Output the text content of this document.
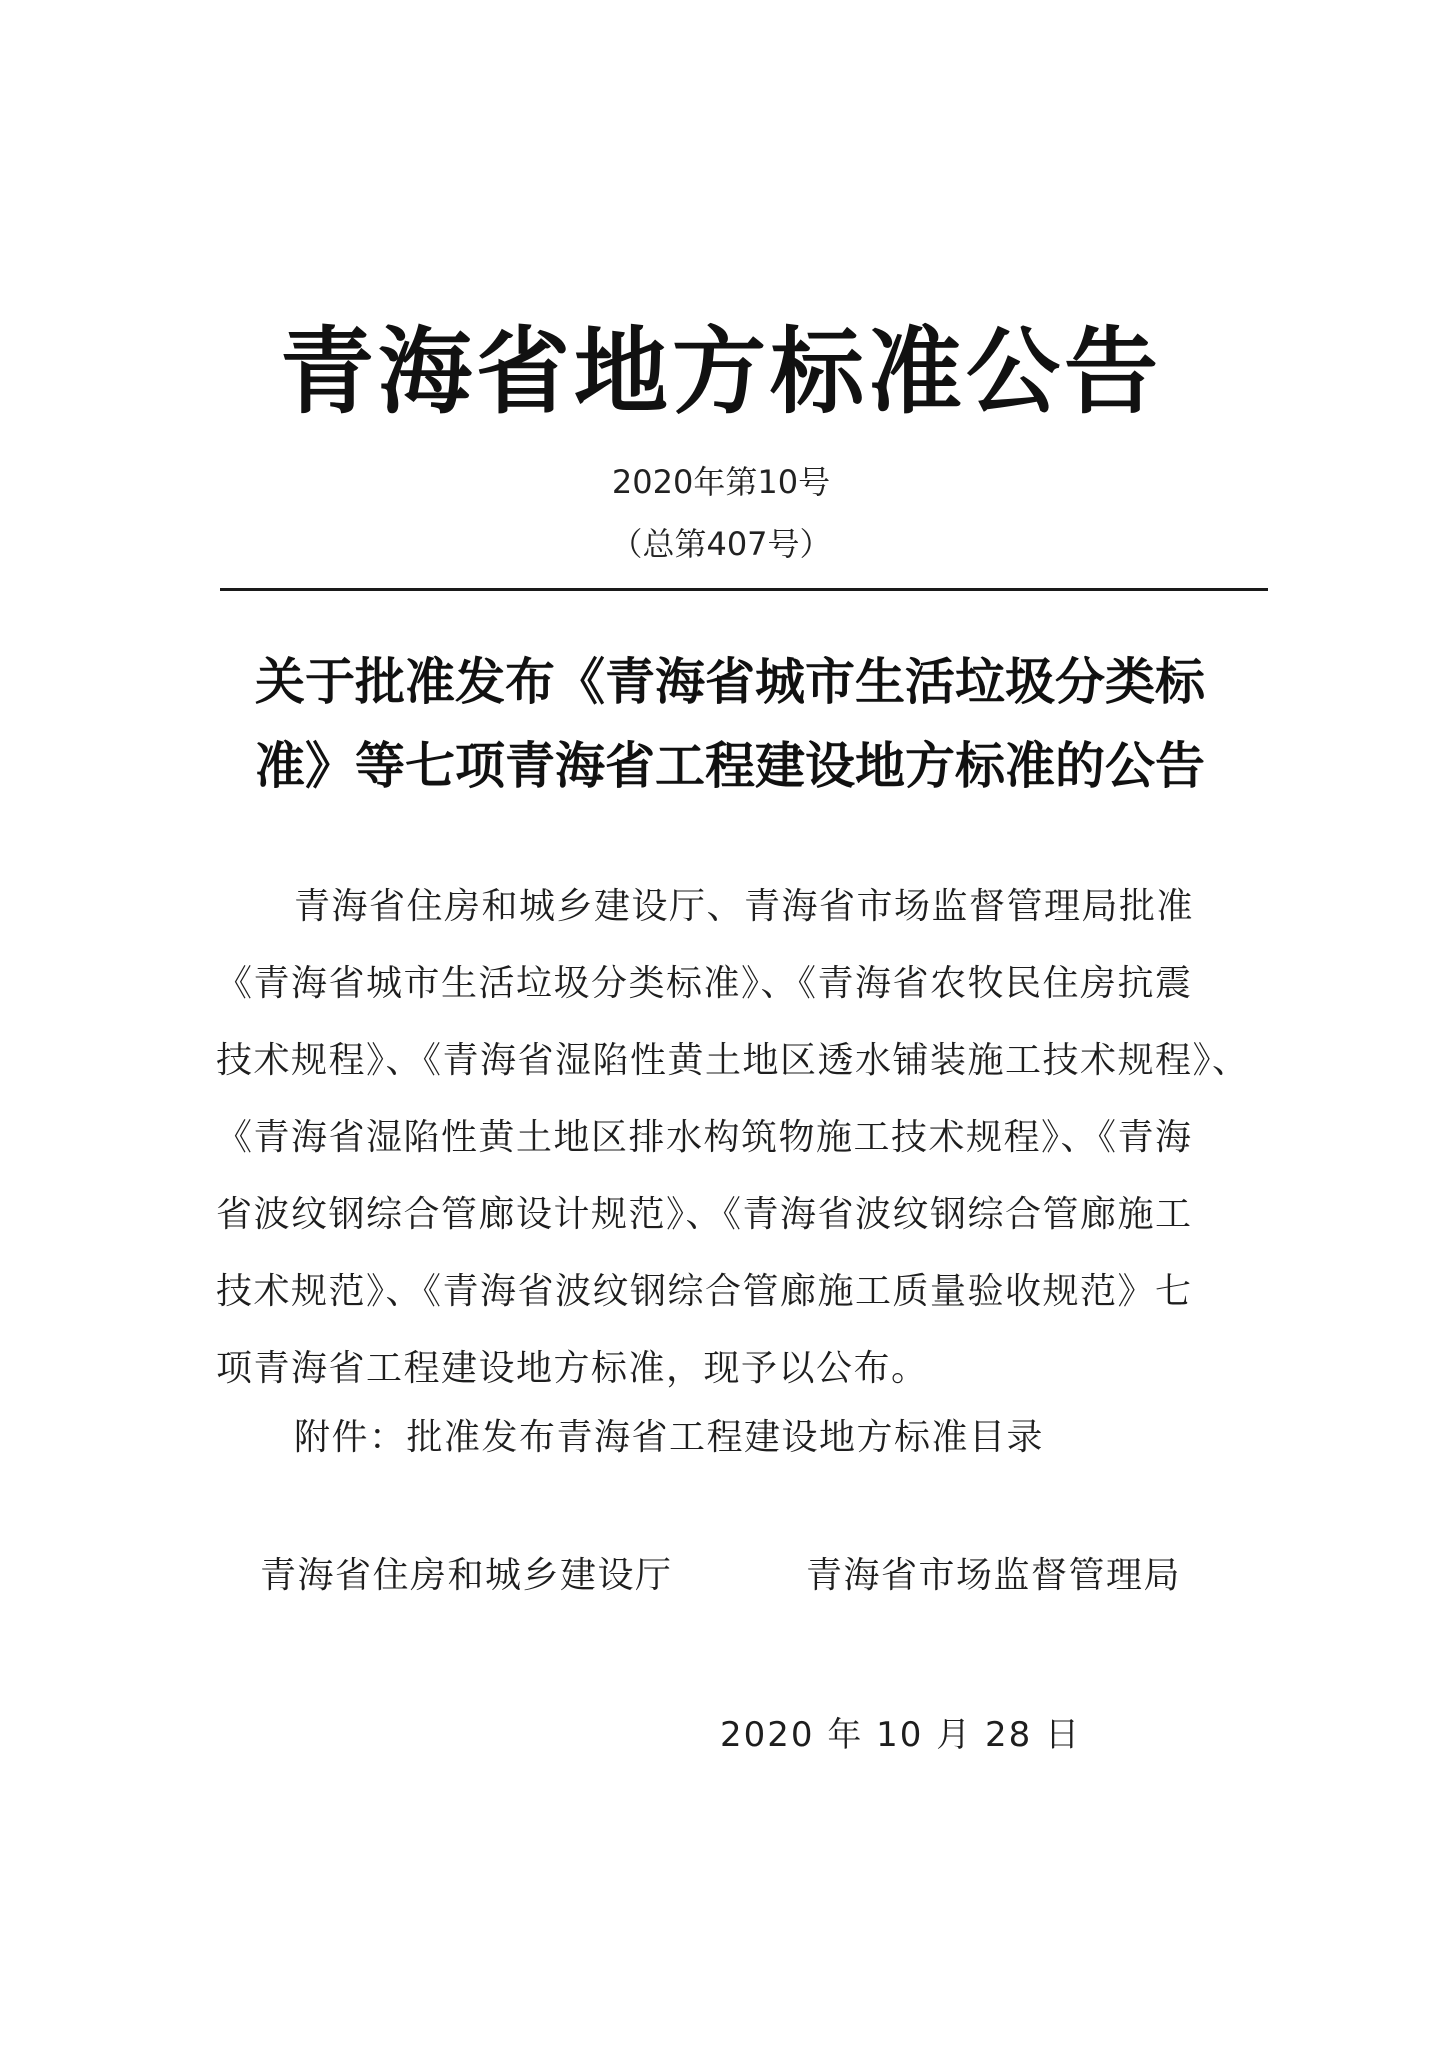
青海省地方标准公告
2020年第10号
（总第407号）
关于批准发布《青海省城市生活垃圾分类标
准》等七项青海省工程建设地方标准的公告
青海省住房和城乡建设厅、青海省市场监督管理局批准
《青海省城市生活垃圾分类标准》、《青海省农牧民住房抗震
技术规程》、《青海省湿陷性黄土地区透水铺装施工技术规程》、
《青海省湿陷性黄土地区排水构筑物施工技术规程》、《青海
省波纹钢综合管廊设计规范》、《青海省波纹钢综合管廊施工
技术规范》、《青海省波纹钢综合管廊施工质量验收规范》七
项青海省工程建设地方标准，现予以公布。
附件：批准发布青海省工程建设地方标准目录
青海省住房和城乡建设厅	青海省市场监督管理局
2020 年 10 月 28 日
